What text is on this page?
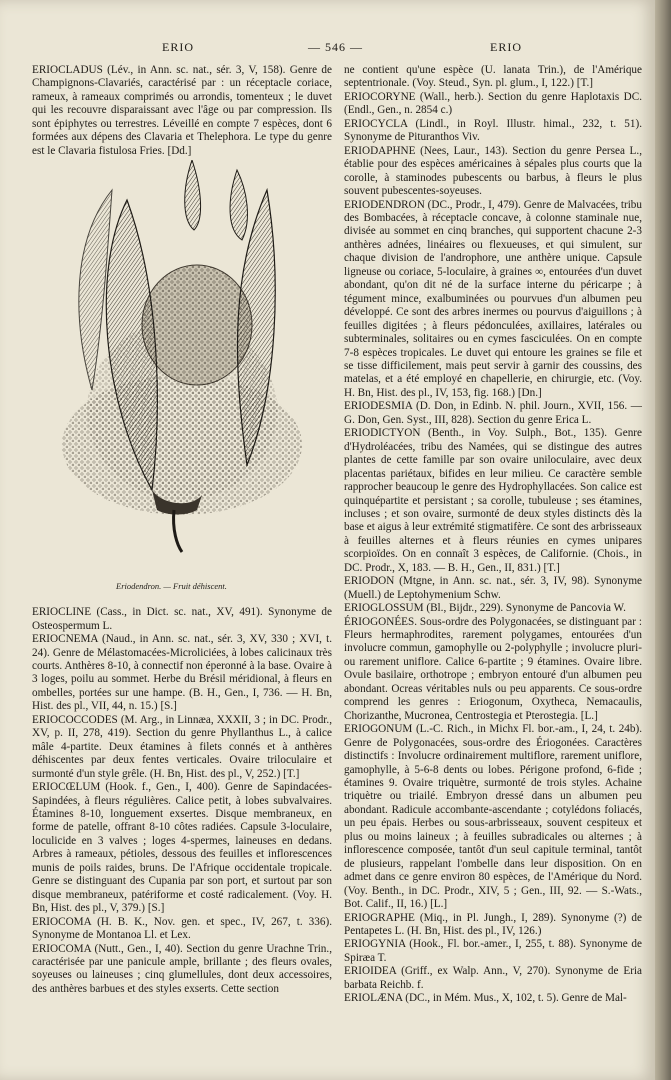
ERIO	— 546 —	ERIO

ERIOCLADUS (Lév., in Ann. sc. nat., sér. 3, V, 158). Genre de Champignons-Clavariés, caractérisé par : un réceptacle coriace, rameux, à rameaux comprimés ou arrondis, tomenteux ; le duvet qui les recouvre disparaissant avec l'âge ou par compression. Ils sont épiphytes ou terrestres. Léveillé en compte 7 espèces, dont 6 formées aux dépens des Clavaria et Thelephora. Le type du genre est le Clavaria fistulosa Fries. [Dd.]

Eriodendron. — Fruit déhiscent.

ERIOCLINE (Cass., in Dict. sc. nat., XV, 491). Synonyme de Osteospermum L.

ERIOCNEMA (Naud., in Ann. sc. nat., sér. 3, XV, 330 ; XVI, t. 24). Genre de Mélastomacées-Microliciées, à lobes calicinaux très courts. Anthères 8-10, à connectif non éperonné à la base. Ovaire à 3 loges, poilu au sommet. Herbe du Brésil méridional, à fleurs en ombelles, portées sur une hampe. (B. H., Gen., I, 736. — H. Bn, Hist. des pl., VII, 44, n. 15.) [S.]

ERIOCOCCODES (M. Arg., in Linnæa, XXXII, 3 ; in DC. Prodr., XV, p. II, 278, 419). Section du genre Phyllanthus L., à calice mâle 4-partite. Deux étamines à filets connés et à anthères déhiscentes par deux fentes verticales. Ovaire triloculaire et surmonté d'un style grêle. (H. Bn, Hist. des pl., V, 252.) [T.]

ERIOCŒLUM (Hook. f., Gen., I, 400). Genre de Sapindacées-Sapindées, à fleurs régulières. Calice petit, à lobes subvalvaires. Étamines 8-10, longuement exsertes. Disque membraneux, en forme de patelle, offrant 8-10 côtes radiées. Capsule 3-loculaire, loculicide en 3 valves ; loges 4-spermes, laineuses en dedans. Arbres à rameaux, pétioles, dessous des feuilles et inflorescences munis de poils raides, bruns. De l'Afrique occidentale tropicale. Genre se distinguant des Cupania par son port, et surtout par son disque membraneux, patériforme et costé radicalement. (Voy. H. Bn, Hist. des pl., V, 379.) [S.]

ERIOCOMA (H. B. K., Nov. gen. et spec., IV, 267, t. 336). Synonyme de Montanoa Ll. et Lex.

ERIOCOMA (Nutt., Gen., I, 40). Section du genre Urachne Trin., caractérisée par une panicule ample, brillante ; des fleurs ovales, soyeuses ou laineuses ; cinq glumellules, dont deux accessoires, des anthères barbues et des styles exserts. Cette section

ne contient qu'une espèce (U. lanata Trin.), de l'Amérique septentrionale. (Voy. Steud., Syn. pl. glum., I, 122.) [T.]

ERIOCORYNE (Wall., herb.). Section du genre Haplotaxis DC. (Endl., Gen., n. 2854 c.)

ERIOCYCLA (Lindl., in Royl. Illustr. himal., 232, t. 51). Synonyme de Pituranthos Viv.

ERIODAPHNE (Nees, Laur., 143). Section du genre Persea L., établie pour des espèces américaines à sépales plus courts que la corolle, à staminodes pubescents ou barbus, à fleurs le plus souvent pubescentes-soyeuses.

ERIODENDRON (DC., Prodr., I, 479). Genre de Malvacées, tribu des Bombacées, à réceptacle concave, à colonne staminale nue, divisée au sommet en cinq branches, qui supportent chacune 2-3 anthères adnées, linéaires ou flexueuses, et qui simulent, sur chaque division de l'androphore, une anthère unique. Capsule ligneuse ou coriace, 5-loculaire, à graines ∞, entourées d'un duvet abondant, qu'on dit né de la surface interne du péricarpe ; à tégument mince, exalbuminées ou pourvues d'un albumen peu développé. Ce sont des arbres inermes ou pourvus d'aiguillons ; à feuilles digitées ; à fleurs pédonculées, axillaires, latérales ou subterminales, solitaires ou en cymes fasciculées. On en compte 7-8 espèces tropicales. Le duvet qui entoure les graines se file et se tisse difficilement, mais peut servir à garnir des coussins, des matelas, et a été employé en chapellerie, en chirurgie, etc. (Voy. H. Bn, Hist. des pl., IV, 153, fig. 168.) [Dn.]

ERIODESMIA (D. Don, in Edinb. N. phil. Journ., XVII, 156. — G. Don, Gen. Syst., III, 828). Section du genre Erica L.

ERIODICTYON (Benth., in Voy. Sulph., Bot., 135). Genre d'Hydroléacées, tribu des Namées, qui se distingue des autres plantes de cette famille par son ovaire uniloculaire, avec deux placentas pariétaux, bifides en leur milieu. Ce caractère semble rapprocher beaucoup le genre des Hydrophyllacées. Son calice est quinquépartite et persistant ; sa corolle, tubuleuse ; ses étamines, incluses ; et son ovaire, surmonté de deux styles distincts dès la base et aigus à leur extrémité stigmatifère. Ce sont des arbrisseaux à feuilles alternes et à fleurs réunies en cymes unipares scorpioïdes. On en connaît 3 espèces, de Californie. (Chois., in DC. Prodr., X, 183. — B. H., Gen., II, 831.) [T.]

ERIODON (Mtgne, in Ann. sc. nat., sér. 3, IV, 98). Synonyme (Muell.) de Leptohymenium Schw.

ERIOGLOSSUM (Bl., Bijdr., 229). Synonyme de Pancovia W.

ÉRIOGONÉES. Sous-ordre des Polygonacées, se distinguant par : Fleurs hermaphrodites, rarement polygames, entourées d'un involucre commun, gamophylle ou 2-polyphylle ; involucre pluri- ou rarement uniflore. Calice 6-partite ; 9 étamines. Ovaire libre. Ovule basilaire, orthotrope ; embryon entouré d'un albumen peu abondant. Ocreas véritables nuls ou peu apparents. Ce sous-ordre comprend les genres : Eriogonum, Oxytheca, Nemacaulis, Chorizanthe, Mucronea, Centrostegia et Pterostegia. [L.]

ERIOGONUM (L.-C. Rich., in Michx Fl. bor.-am., I, 24, t. 24b). Genre de Polygonacées, sous-ordre des Ériogonées. Caractères distinctifs : Involucre ordinairement multiflore, rarement uniflore, gamophylle, à 5-6-8 dents ou lobes. Périgone profond, 6-fide ; étamines 9. Ovaire triquètre, surmonté de trois styles. Achaine triquètre ou triailé. Embryon dressé dans un albumen peu abondant. Radicule accombante-ascendante ; cotylédons foliacés, un peu épais. Herbes ou sous-arbrisseaux, souvent cespiteux et plus ou moins laineux ; à feuilles subradicales ou alternes ; à inflorescence composée, tantôt d'un seul capitule terminal, tantôt de plusieurs, rappelant l'ombelle dans leur disposition. On en admet dans ce genre environ 80 espèces, de l'Amérique du Nord. (Voy. Benth., in DC. Prodr., XIV, 5 ; Gen., III, 92. — S.-Wats., Bot. Calif., II, 16.) [L.]

ERIOGRAPHE (Miq., in Pl. Jungh., I, 289). Synonyme (?) de Pentapetes L. (H. Bn, Hist. des pl., IV, 126.)

ERIOGYNIA (Hook., Fl. bor.-amer., I, 255, t. 88). Synonyme de Spiræa T.

ERIOIDEA (Griff., ex Walp. Ann., V, 270). Synonyme de Eria barbata Reichb. f.

ERIOLÆNA (DC., in Mém. Mus., X, 102, t. 5). Genre de Mal-
